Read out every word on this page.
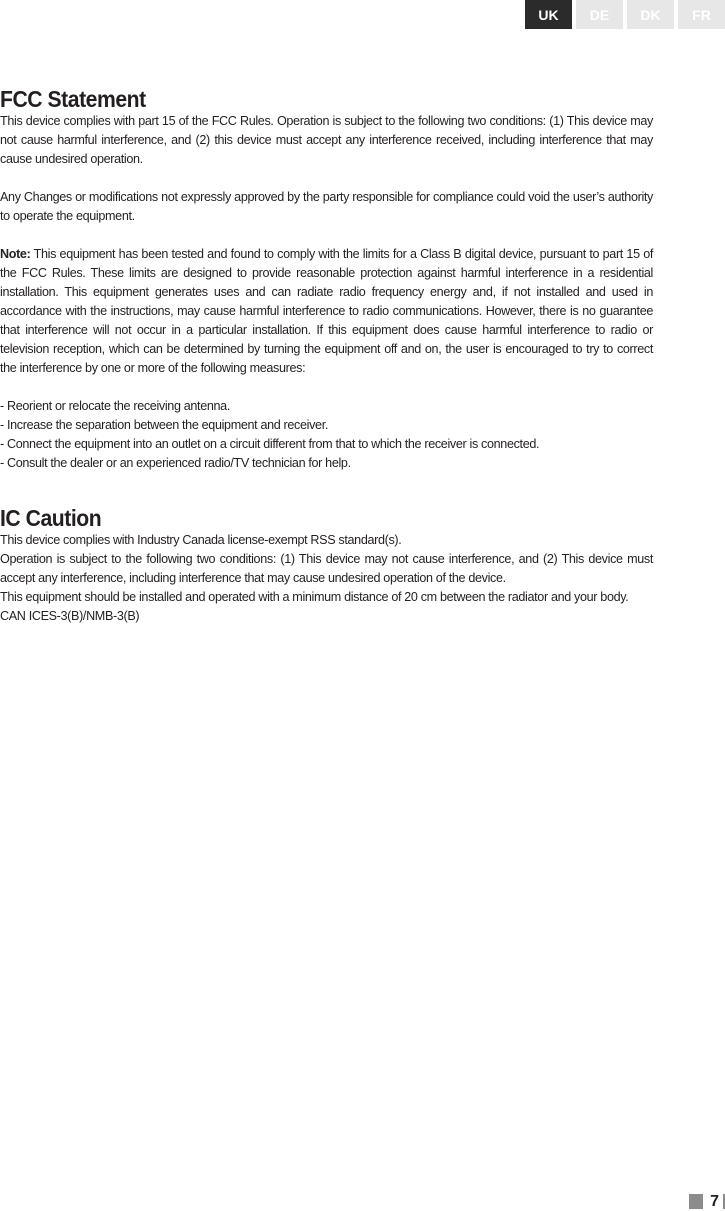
UK	DE	DK	FR
FCC Statement

This device complies with part 15 of the FCC Rules. Operation is subject to the following two conditions: (1) This device may not cause harmful interference, and (2) this device must accept any interference received, including interference that may cause undesired operation.

Any Changes or modifications not expressly approved by the party responsible for compliance could void the user’s authority to operate the equipment.

Note: This equipment has been tested and found to comply with the limits for a Class B digital device, pursuant to part 15 of the FCC Rules. These limits are designed to provide reasonable protection against harmful interference in a residential installation. This equipment generates uses and can radiate radio frequency energy and, if not installed and used in accordance with the instructions, may cause harmful interference to radio communications. However, there is no guarantee that interference will not occur in a particular installation. If this equipment does cause harmful interference to radio or television reception, which can be determined by turning the equipment off and on, the user is encouraged to try to correct the interference by one or more of the following measures:

- Reorient or relocate the receiving antenna.

- Increase the separation between the equipment and receiver.

- Connect the equipment into an outlet on a circuit different from that to which the receiver is connected.

- Consult the dealer or an experienced radio/TV technician for help.

IC Caution

This device complies with Industry Canada license-exempt RSS standard(s).

Operation is subject to the following two conditions: (1) This device may not cause interference, and (2) This device must accept any interference, including interference that may cause undesired operation of the device.

This equipment should be installed and operated with a minimum distance of 20 cm between the radiator and your body.

CAN ICES-3(B)/NMB-3(B)

7
